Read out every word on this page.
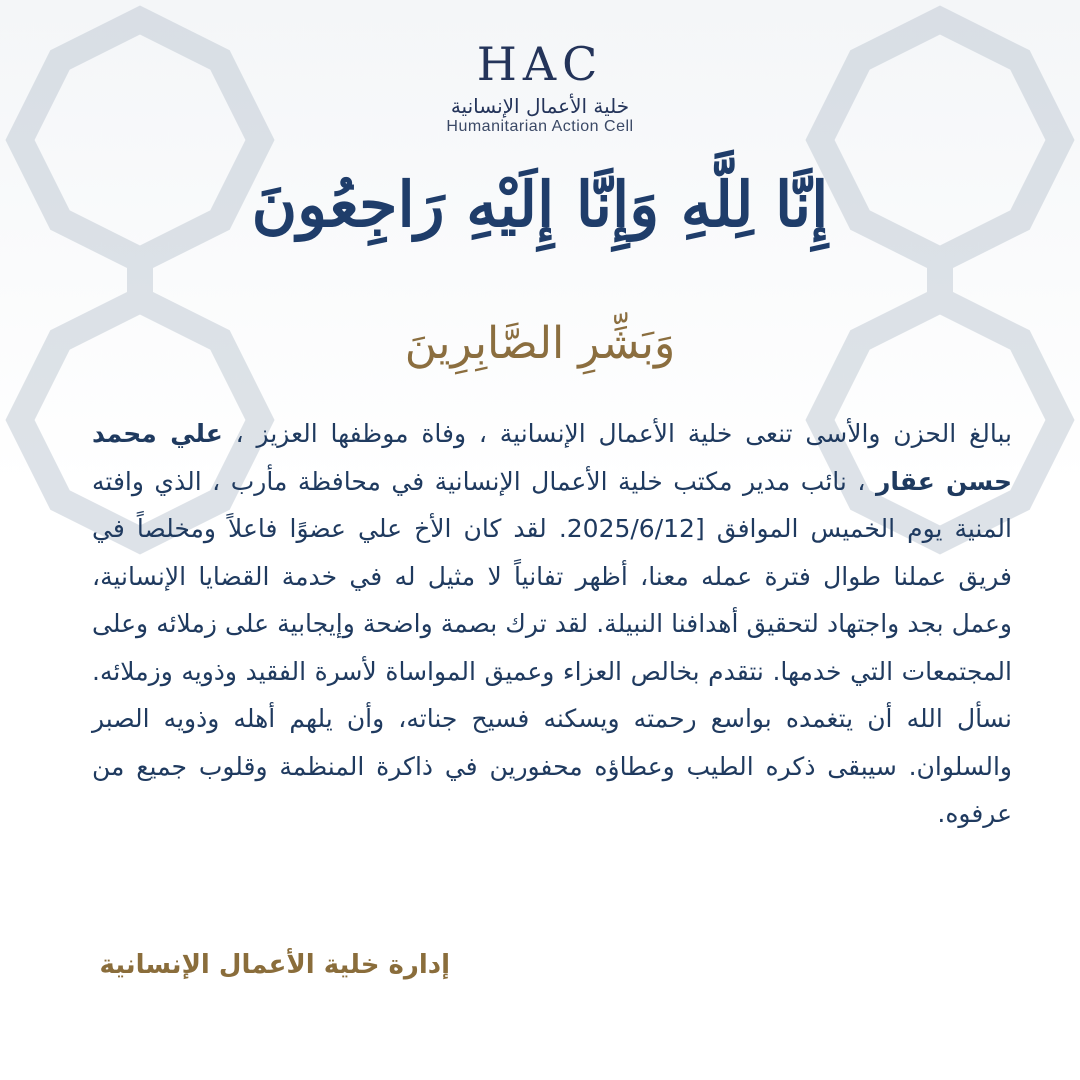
HAC
خلية الأعمال الإنسانية
Humanitarian Action Cell
إِنَّا لِلَّهِ وَإِنَّا إِلَيْهِ رَاجِعُونَ
وَبَشِّرِ الصَّابِرِينَ
ببالغ الحزن والأسى تنعى خلية الأعمال الإنسانية ، وفاة موظفها العزيز ، علي محمد حسن عقار ، نائب مدير مكتب خلية الأعمال الإنسانية في محافظة مأرب ، الذي وافته المنية يوم الخميس الموافق [2025/6/12. لقد كان الأخ علي عضوًا فاعلاً ومخلصاً في فريق عملنا طوال فترة عمله معنا، أظهر تفانياً لا مثيل له في خدمة القضايا الإنسانية، وعمل بجد واجتهاد لتحقيق أهدافنا النبيلة. لقد ترك بصمة واضحة وإيجابية على زملائه وعلى المجتمعات التي خدمها. نتقدم بخالص العزاء وعميق المواساة لأسرة الفقيد وذويه وزملائه. نسأل الله أن يتغمده بواسع رحمته ويسكنه فسيح جناته، وأن يلهم أهله وذويه الصبر والسلوان. سيبقى ذكره الطيب وعطاؤه محفورين في ذاكرة المنظمة وقلوب جميع من عرفوه.
إدارة خلية الأعمال الإنسانية
